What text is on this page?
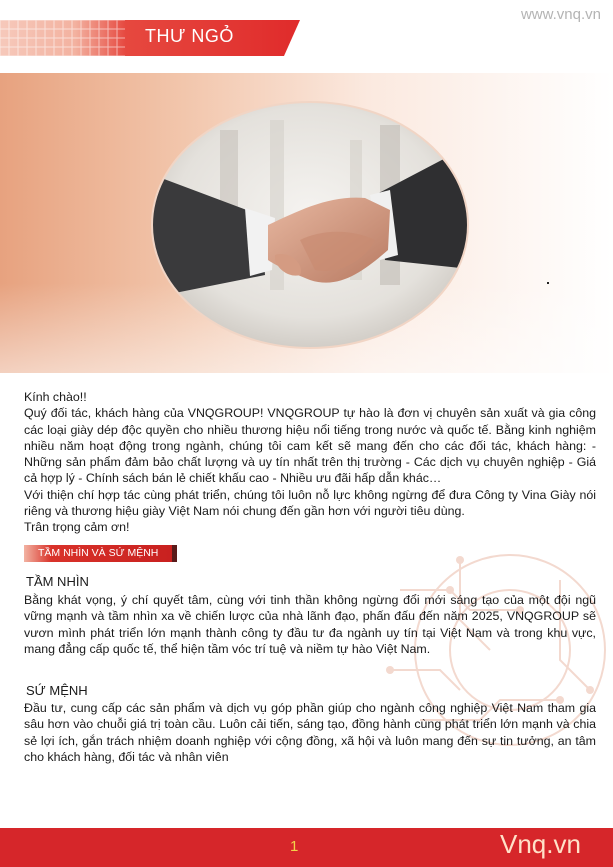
THƯ NGỎ
www.vnq.vn

Kính chào!!
Quý đối tác, khách hàng của VNQGROUP! VNQGROUP tự hào là đơn vị chuyên sản xuất và gia công các loại giày dép độc quyền cho nhiều thương hiệu nổi tiếng trong nước và quốc tế. Bằng kinh nghiệm nhiều năm hoạt động trong ngành, chúng tôi cam kết sẽ mang đến cho các đối tác, khách hàng: - Những sản phẩm đảm bảo chất lượng và uy tín nhất trên thị trường - Các dịch vụ chuyên nghiệp - Giá cả hợp lý - Chính sách bán lẻ chiết khấu cao - Nhiều ưu đãi hấp dẫn khác…
Với thiện chí hợp tác cùng phát triển, chúng tôi luôn nỗ lực không ngừng để đưa Công ty Vina Giày nói riêng và thương hiệu giày Việt Nam nói chung đến gần hơn với người tiêu dùng.
Trân trọng cảm ơn!

TẦM NHÌN VÀ SỨ MỆNH
TẦM NHÌN

Bằng khát vọng, ý chí quyết tâm, cùng với tinh thần không ngừng đổi mới sáng tạo của một đội ngũ vững mạnh và tầm nhìn xa về chiến lược của nhà lãnh đạo, phấn đấu đến năm 2025, VNQGROUP sẽ vươn mình phát triển lớn mạnh thành công ty đầu tư đa ngành uy tín tại Việt Nam và trong khu vực, mang đẳng cấp quốc tế, thể hiện tầm vóc trí tuệ và niềm tự hào Việt Nam.

SỨ MỆNH

Đầu tư, cung cấp các sản phẩm và dịch vụ góp phần giúp cho ngành công nghiệp Việt Nam tham gia sâu hơn vào chuỗi giá trị toàn cầu. Luôn cải tiến, sáng tạo, đồng hành cùng phát triển lớn mạnh và chia sẻ lợi ích, gắn trách nhiệm doanh nghiệp với cộng đồng, xã hội và luôn mang đến sự tin tưởng, an tâm cho khách hàng, đối tác và nhân viên

1	Vnq.vn
